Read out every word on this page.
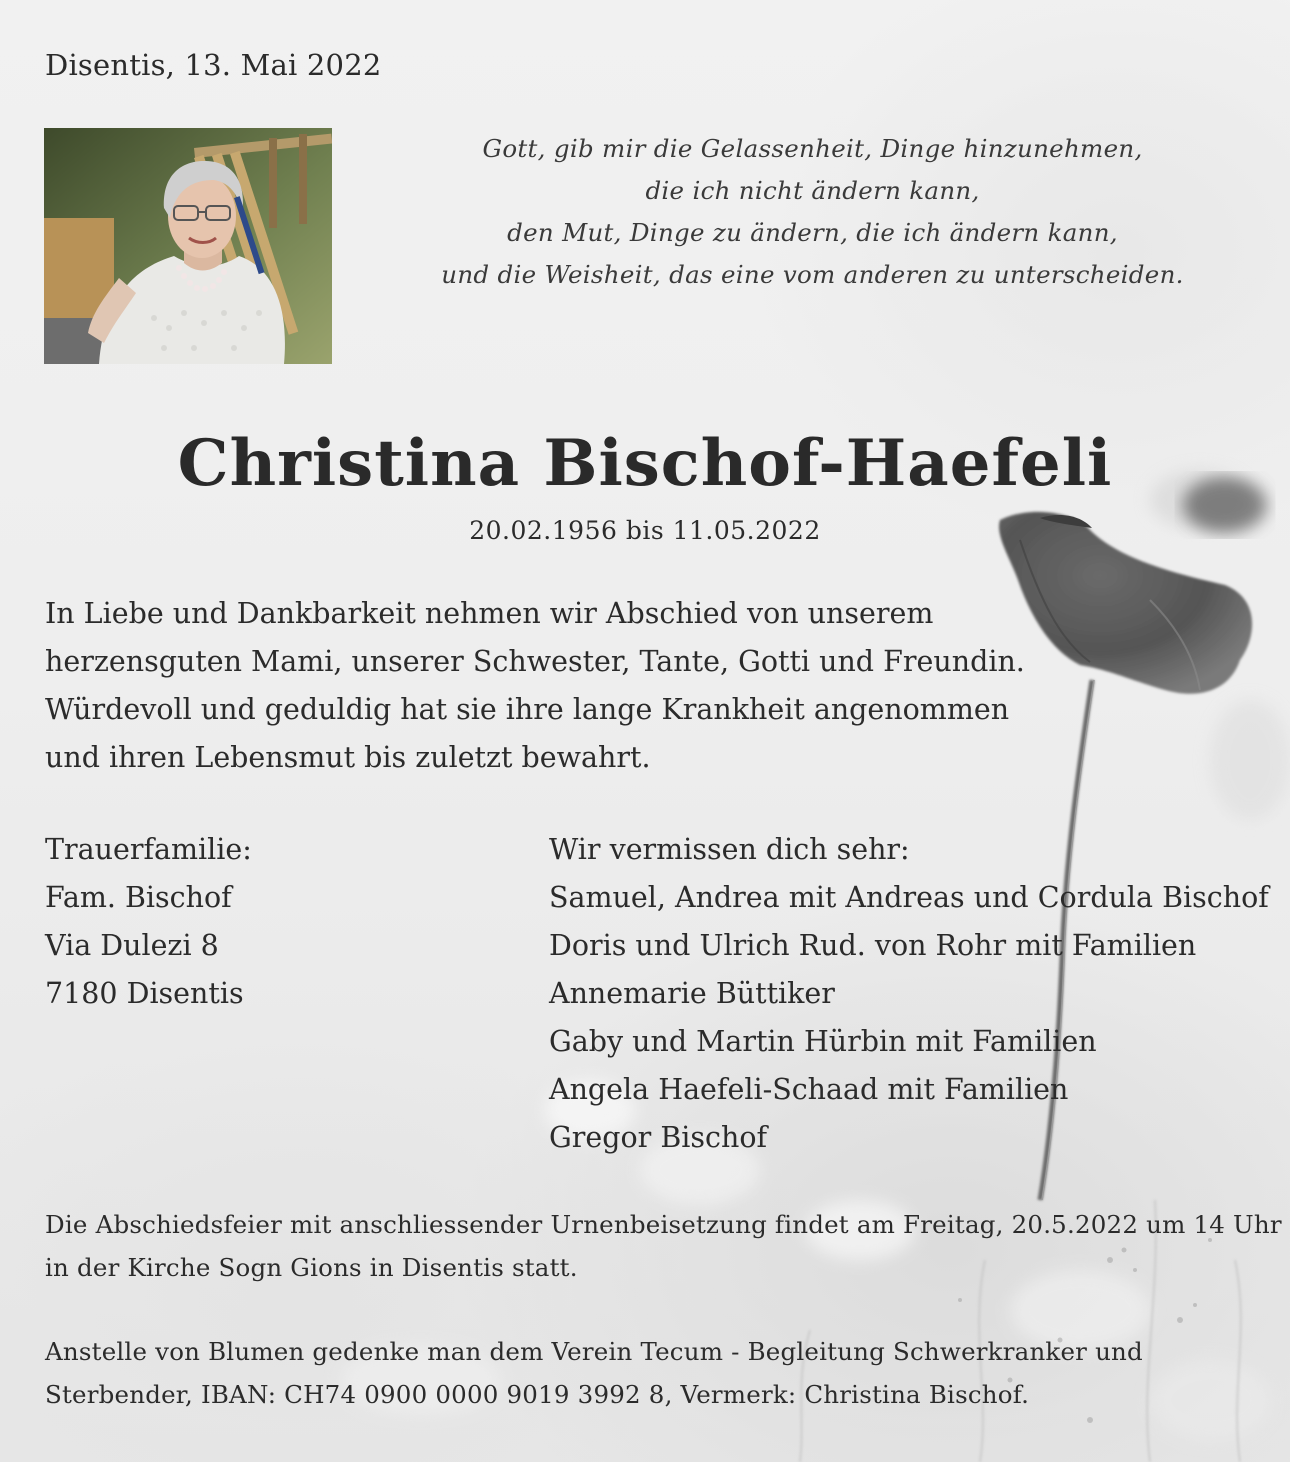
Disentis, 13. Mai 2022
Gott, gib mir die Gelassenheit, Dinge hinzunehmen,
die ich nicht ändern kann,
den Mut, Dinge zu ändern, die ich ändern kann,
und die Weisheit, das eine vom anderen zu unterscheiden.
Christina Bischof-Haefeli
20.02.1956 bis 11.05.2022
In Liebe und Dankbarkeit nehmen wir Abschied von unserem
herzensguten Mami, unserer Schwester, Tante, Gotti und Freundin.
Würdevoll und geduldig hat sie ihre lange Krankheit angenommen
und ihren Lebensmut bis zuletzt bewahrt.
Trauerfamilie:
Fam. Bischof
Via Dulezi 8
7180 Disentis
Wir vermissen dich sehr:
Samuel, Andrea mit Andreas und Cordula Bischof
Doris und Ulrich Rud. von Rohr mit Familien
Annemarie Büttiker
Gaby und Martin Hürbin mit Familien
Angela Haefeli-Schaad mit Familien
Gregor Bischof
Die Abschiedsfeier mit anschliessender Urnenbeisetzung findet am Freitag, 20.5.2022 um 14 Uhr
in der Kirche Sogn Gions in Disentis statt.
Anstelle von Blumen gedenke man dem Verein Tecum - Begleitung Schwerkranker und
Sterbender, IBAN: CH74 0900 0000 9019 3992 8, Vermerk: Christina Bischof.
